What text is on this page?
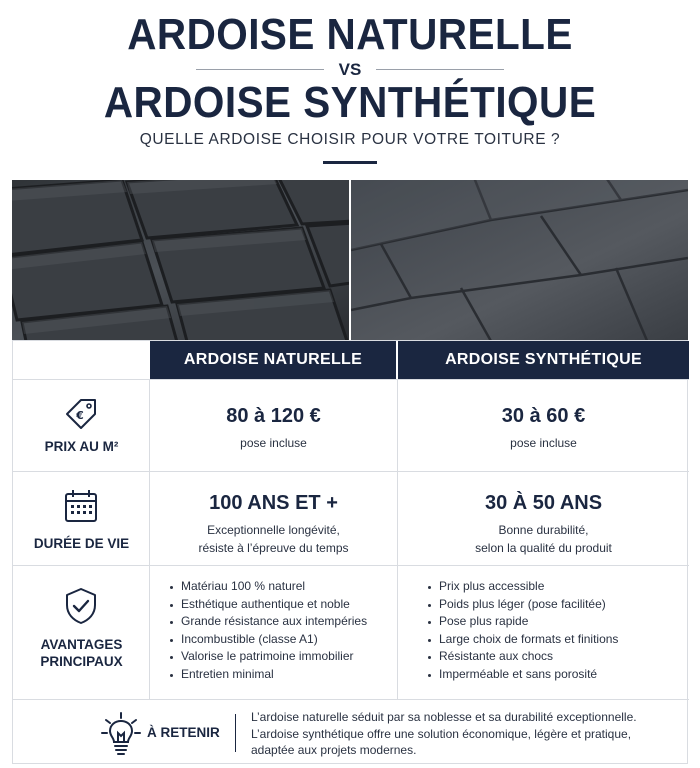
ARDOISE NATURELLE
VS
ARDOISE SYNTHÉTIQUE
QUELLE ARDOISE CHOISIR POUR VOTRE TOITURE ?
ARDOISE NATURELLE	ARDOISE SYNTHÉTIQUE
€
PRIX AU M²
80 à 120 €
pose incluse
30 à 60 €
pose incluse
DURÉE DE VIE
100 ANS ET +
Exceptionnelle longévité,
résiste à l’épreuve du temps
30 À 50 ANS
Bonne durabilité,
selon la qualité du produit
AVANTAGES
PRINCIPAUX
Matériau 100 % naturel
Esthétique authentique et noble
Grande résistance aux intempéries
Incombustible (classe A1)
Valorise le patrimoine immobilier
Entretien minimal
Prix plus accessible
Poids plus léger (pose facilitée)
Pose plus rapide
Large choix de formats et finitions
Résistante aux chocs
Imperméable et sans porosité
À RETENIR
L’ardoise naturelle séduit par sa noblesse et sa durabilité exceptionnelle.
L’ardoise synthétique offre une solution économique, légère et pratique,
adaptée aux projets modernes.
